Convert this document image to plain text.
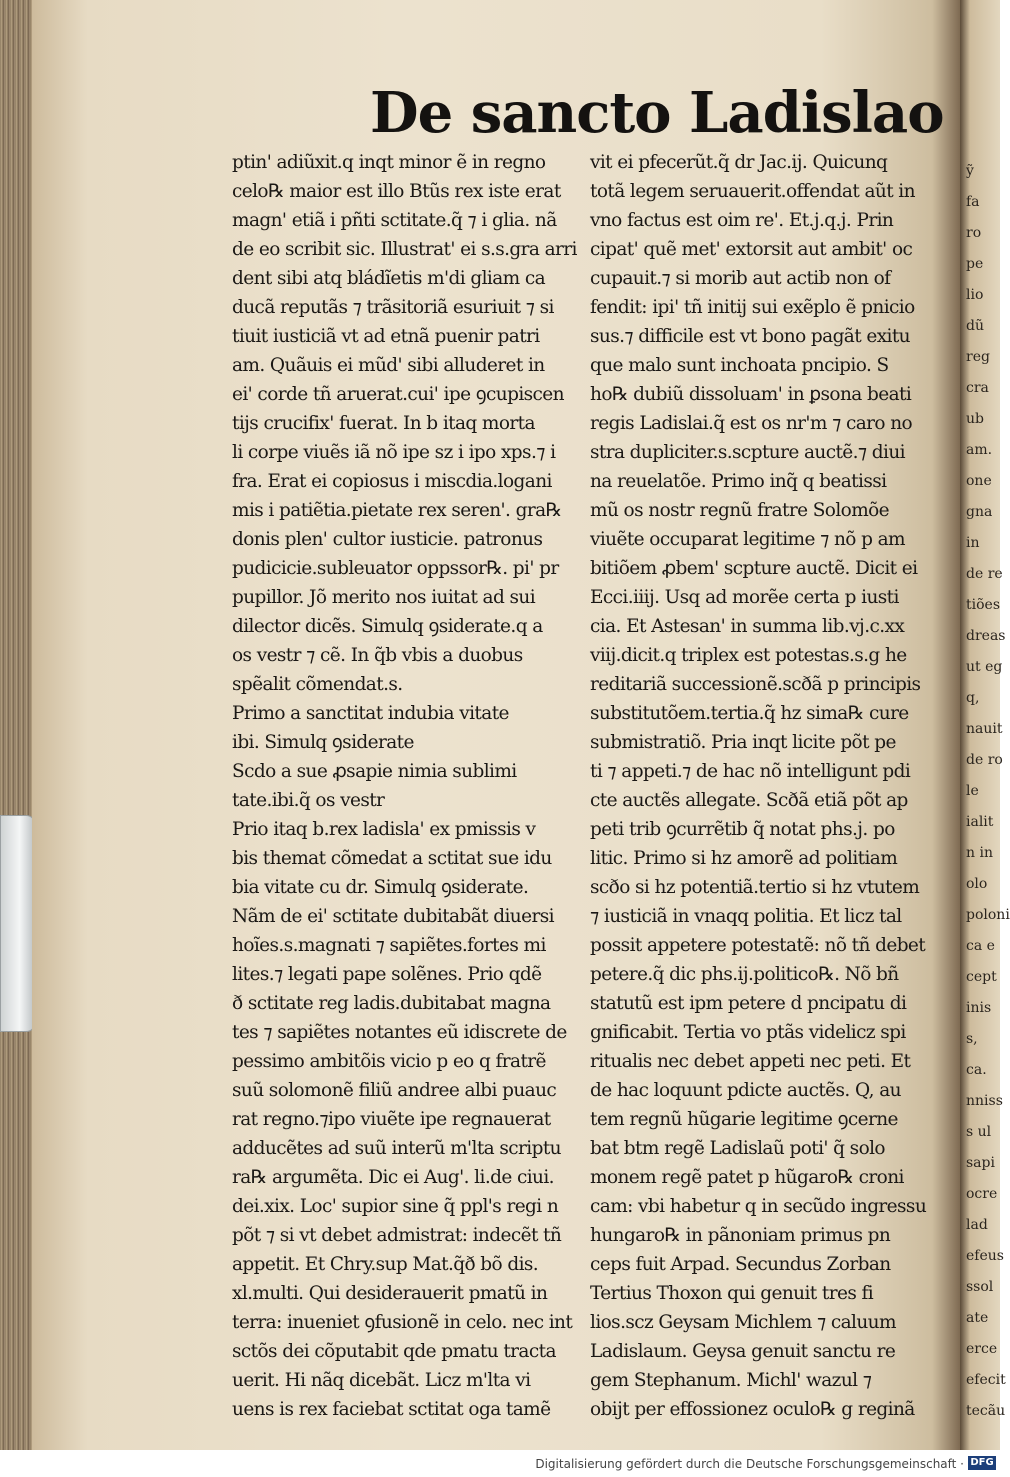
De sancto Ladislao
ptin' adiũxit.q inqt minor ẽ in regno
celo℞ maior est illo Btũs rex iste erat
magn' etiã i pñti sctitate.q̃ ⁊ i glia. nã
de eo scribit sic. Illustrat' ei s.s.gra arri
dent sibi atq bládĩetis m'di gliam ca
ducã reputãs ⁊ trãsitoriã esuriuit ⁊ si
tiuit iusticiã vt ad etnã puenir patri
am. Quãuis ei mũd' sibi alluderet in
ei' corde tñ aruerat.cui' ipe ꝯcupiscen
tijs crucifix' fuerat. In b itaq morta
li corpe viuẽs iã nõ ipe sz i ipo xps.⁊ i
fra. Erat ei copiosus i miscdia.logani
mis i patiẽtia.pietate rex seren'. gra℞
donis plen' cultor iusticie. patronus
pudicicie.subleuator oppssor℞. pi' pr
pupillor. Jõ merito nos iuitat ad sui
dilector dicẽs. Simulq ꝯsiderate.q a
os vestr ⁊ cẽ. In q̃b vbis a duobus
spẽalit cõmendat.s.
Primo a sanctitat indubia vitate
ibi. Simulq ꝯsiderate
Scdo a sue ꝓsapie nimia sublimi
tate.ibi.q̃ os vestr
Prio itaq b.rex ladisla' ex pmissis v
bis themat cõmedat a sctitat sue idu
bia vitate cu dr. Simulq ꝯsiderate.
Nãm de ei' sctitate dubitabãt diuersi
hoĩes.s.magnati ⁊ sapiẽtes.fortes mi
lites.⁊ legati pape solẽnes. Prio qdẽ
ð sctitate reg ladis.dubitabat magna
tes ⁊ sapiẽtes notantes eũ idiscrete de
pessimo ambitõis vicio p eo q fratrẽ
suũ solomonẽ filiũ andree albi puauc
rat regno.⁊ipo viuẽte ipe regnauerat
adducẽtes ad suũ interũ m'lta scriptu
ra℞ argumẽta. Dic ei Aug'. li.de ciui.
dei.xix. Loc' supior sine q̃ ppl's regi n
põt ⁊ si vt debet admistrat: indecẽt tñ
appetit. Et Chry.sup Mat.q̃ð bõ dis.
xl.multi. Qui desiderauerit pmatũ in
terra: inueniet ꝯfusionẽ in celo. nec int
sctõs dei cõputabit qde pmatu tracta
uerit. Hi nãq dicebãt. Licz m'lta vi
uens is rex faciebat sctitat oga tamẽ
vit ei pfecerũt.q̃ dr Jac.ij. Quicunq
totã legem seruauerit.offendat aũt in
vno factus est oim re'. Et.j.q.j. Prin
cipat' quẽ met' extorsit aut ambit' oc
cupauit.⁊ si morib aut actib non of
fendit: ipi' tñ initij sui exẽplo ẽ pnicio
sus.⁊ difficile est vt bono pagãt exitu
que malo sunt inchoata pncipio. S
ho℞ dubiũ dissoluam' in ꝑsona beati
regis Ladislai.q̃ est os nr'm ⁊ caro no
stra dupliciter.s.scpture auctẽ.⁊ diui
na reuelatõe. Primo inq̃ q beatissi
mũ os nostr regnũ fratre Solomõe
viuẽte occuparat legitime ⁊ nõ p am
bitiõem ꝓbem' scpture auctẽ. Dicit ei
Ecci.iiij. Usq ad morẽe certa p iusti
cia. Et Astesan' in summa lib.vj.c.xx
viij.dicit.q triplex est potestas.s.g he
reditariã successionẽ.scðã p principis
substitutõem.tertia.q̃ hz sima℞ cure
submistratiõ. Pria inqt licite põt pe
ti ⁊ appeti.⁊ de hac nõ intelligunt pdi
cte auctẽs allegate. Scðã etiã põt ap
peti trib ꝯcurrẽtib q̃ notat phs.j. po
litic. Primo si hz amorẽ ad politiam
scðo si hz potentiã.tertio si hz vtutem
⁊ iusticiã in vnaqq politia. Et licz tal
possit appetere potestatẽ: nõ tñ debet
petere.q̃ dic phs.ij.politico℞. Nõ bñ
statutũ est ipm petere d pncipatu di
gnificabit. Tertia vo ptãs videlicz spi
ritualis nec debet appeti nec peti. Et
de hac loquunt pdicte auctẽs. Q, au
tem regnũ hũgarie legitime ꝯcerne
bat btm regẽ Ladislaũ poti' q̃ solo
monem regẽ patet p hũgaro℞ croni
cam: vbi habetur q in secũdo ingressu
hungaro℞ in pãnoniam primus pn
ceps fuit Arpad. Secundus Zorban
Tertius Thoxon qui genuit tres fi
lios.scz Geysam Michlem ⁊ caluum
Ladislaum. Geysa genuit sanctu re
gem Stephanum. Michl' wazul ⁊
obijt per effossionez oculo℞ g reginã
ỹ
fa
ro
pe
lio
dũ
reg
cra
ub
am.
one
gna
in
de re
tiões
dreas
ut eg
q,
nauit
de ro
le
ialit
n in
olo
poloni
ca e
cept
inis
s,
ca.
nniss
s ul
sapi
ocre
lad
efeus
ssol
ate
erce
efecit
tecãu
Digitalisierung gefördert durch die Deutsche Forschungsgemeinschaft · DFG
